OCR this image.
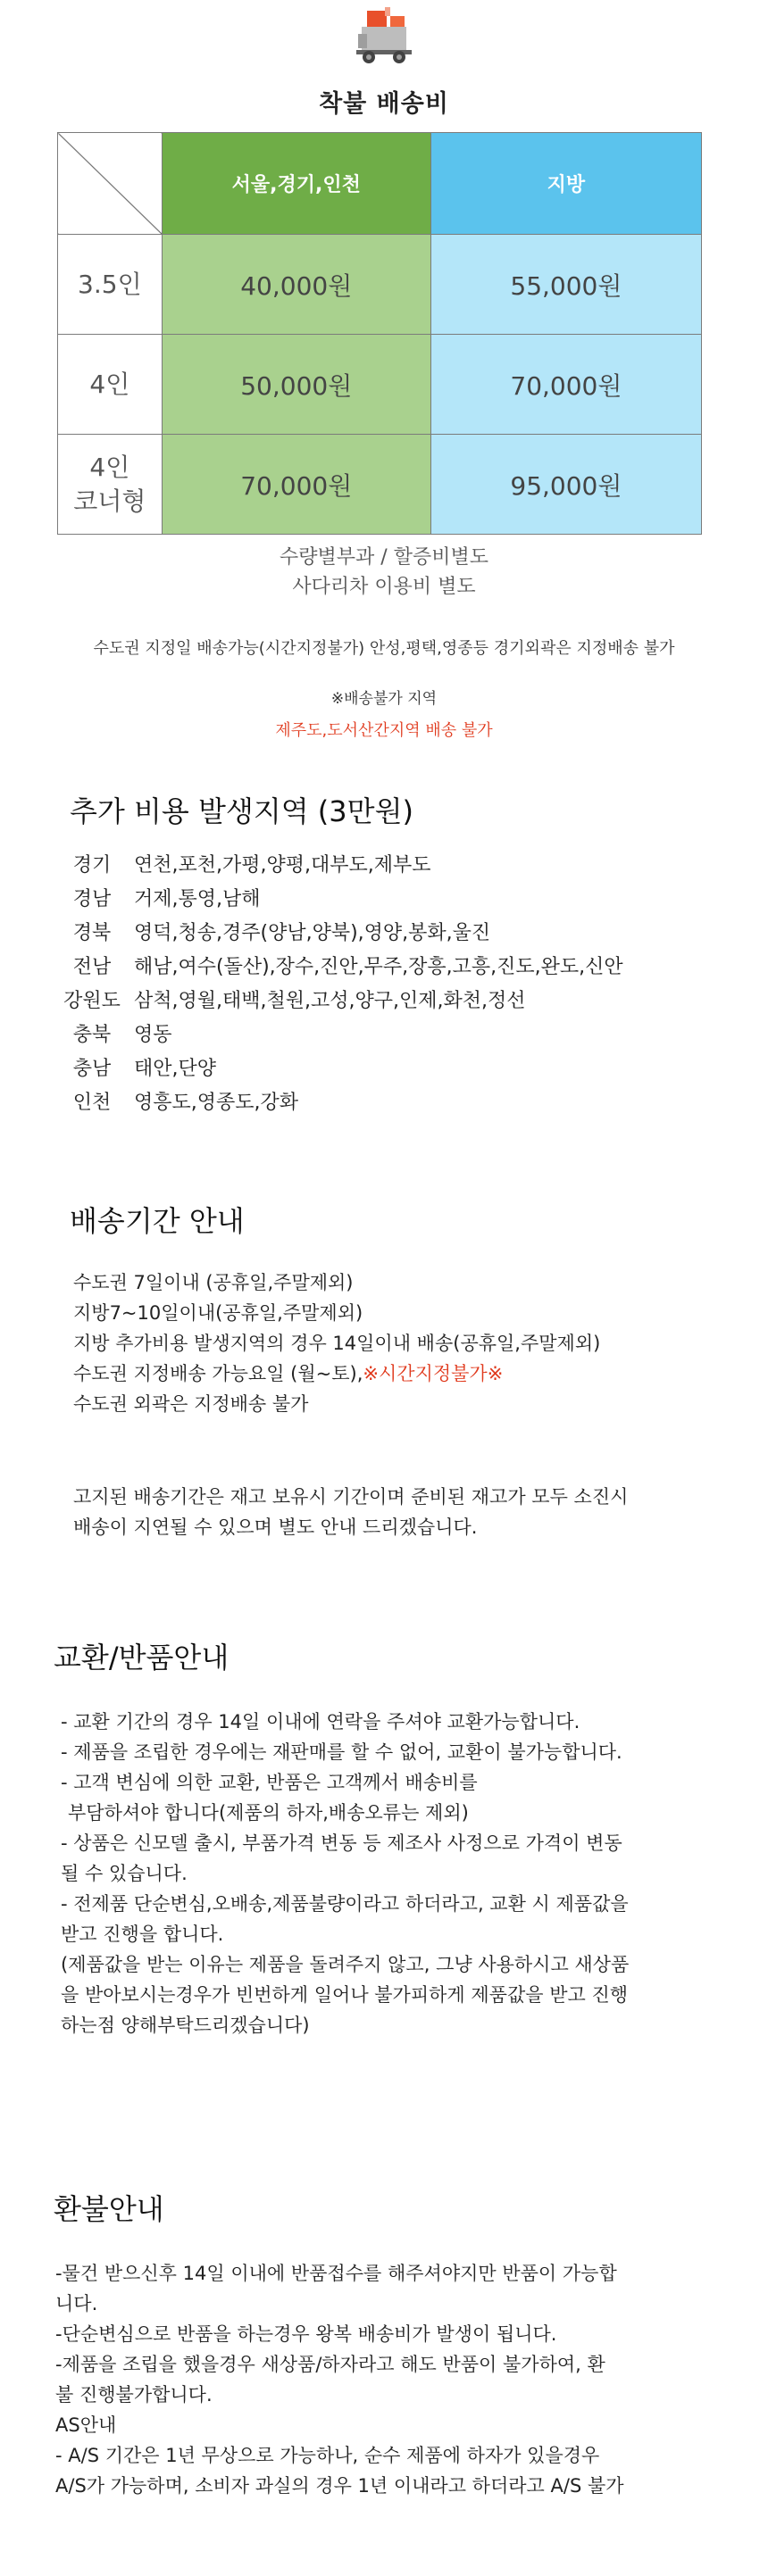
착불 배송비
	서울,경기,인천	지방
3.5인	40,000원	55,000원
4인	50,000원	70,000원
4인
코너형	70,000원	95,000원
수량별부과 / 할증비별도
사다리차 이용비 별도
수도권 지정일 배송가능(시간지정불가) 안성,평택,영종등 경기외곽은 지정배송 불가
※배송불가 지역
제주도,도서산간지역 배송 불가
추가 비용 발생지역 (3만원)
경기	연천,포천,가평,양평,대부도,제부도
경남	거제,통영,남해
경북	영덕,청송,경주(양남,양북),영양,봉화,울진
전남	해남,여수(돌산),장수,진안,무주,장흥,고흥,진도,완도,신안
강원도 삼척,영월,태백,철원,고성,양구,인제,화천,정선
충북	영동
충남	태안,단양
인천	영흥도,영종도,강화
배송기간 안내
수도권 7일이내 (공휴일,주말제외)
지방7~10일이내(공휴일,주말제외)
지방 추가비용 발생지역의 경우 14일이내 배송(공휴일,주말제외)
수도권 지정배송 가능요일 (월~토),※시간지정불가※
수도권 외곽은 지정배송 불가
고지된 배송기간은 재고 보유시 기간이며 준비된 재고가 모두 소진시
배송이 지연될 수 있으며 별도 안내 드리겠습니다.
교환/반품안내
- 교환 기간의 경우 14일 이내에 연락을 주셔야 교환가능합니다.
- 제품을 조립한 경우에는 재판매를 할 수 없어, 교환이 불가능합니다.
- 고객 변심에 의한 교환, 반품은 고객께서 배송비를
부담하셔야 합니다(제품의 하자,배송오류는 제외)
- 상품은 신모델 출시, 부품가격 변동 등 제조사 사정으로 가격이 변동
될 수 있습니다.
- 전제품 단순변심,오배송,제품불량이라고 하더라고, 교환 시 제품값을
받고 진행을 합니다.
(제품값을 받는 이유는 제품을 돌려주지 않고, 그냥 사용하시고 새상품
을 받아보시는경우가 빈번하게 일어나 불가피하게 제품값을 받고 진행
하는점 양해부탁드리겠습니다)
환불안내
-물건 받으신후 14일 이내에 반품접수를 해주셔야지만 반품이 가능합
니다.
-단순변심으로 반품을 하는경우 왕복 배송비가 발생이 됩니다.
-제품을 조립을 했을경우 새상품/하자라고 해도 반품이 불가하여, 환
불 진행불가합니다.
AS안내
- A/S 기간은 1년 무상으로 가능하나, 순수 제품에 하자가 있을경우
A/S가 가능하며, 소비자 과실의 경우 1년 이내라고 하더라고 A/S 불가
